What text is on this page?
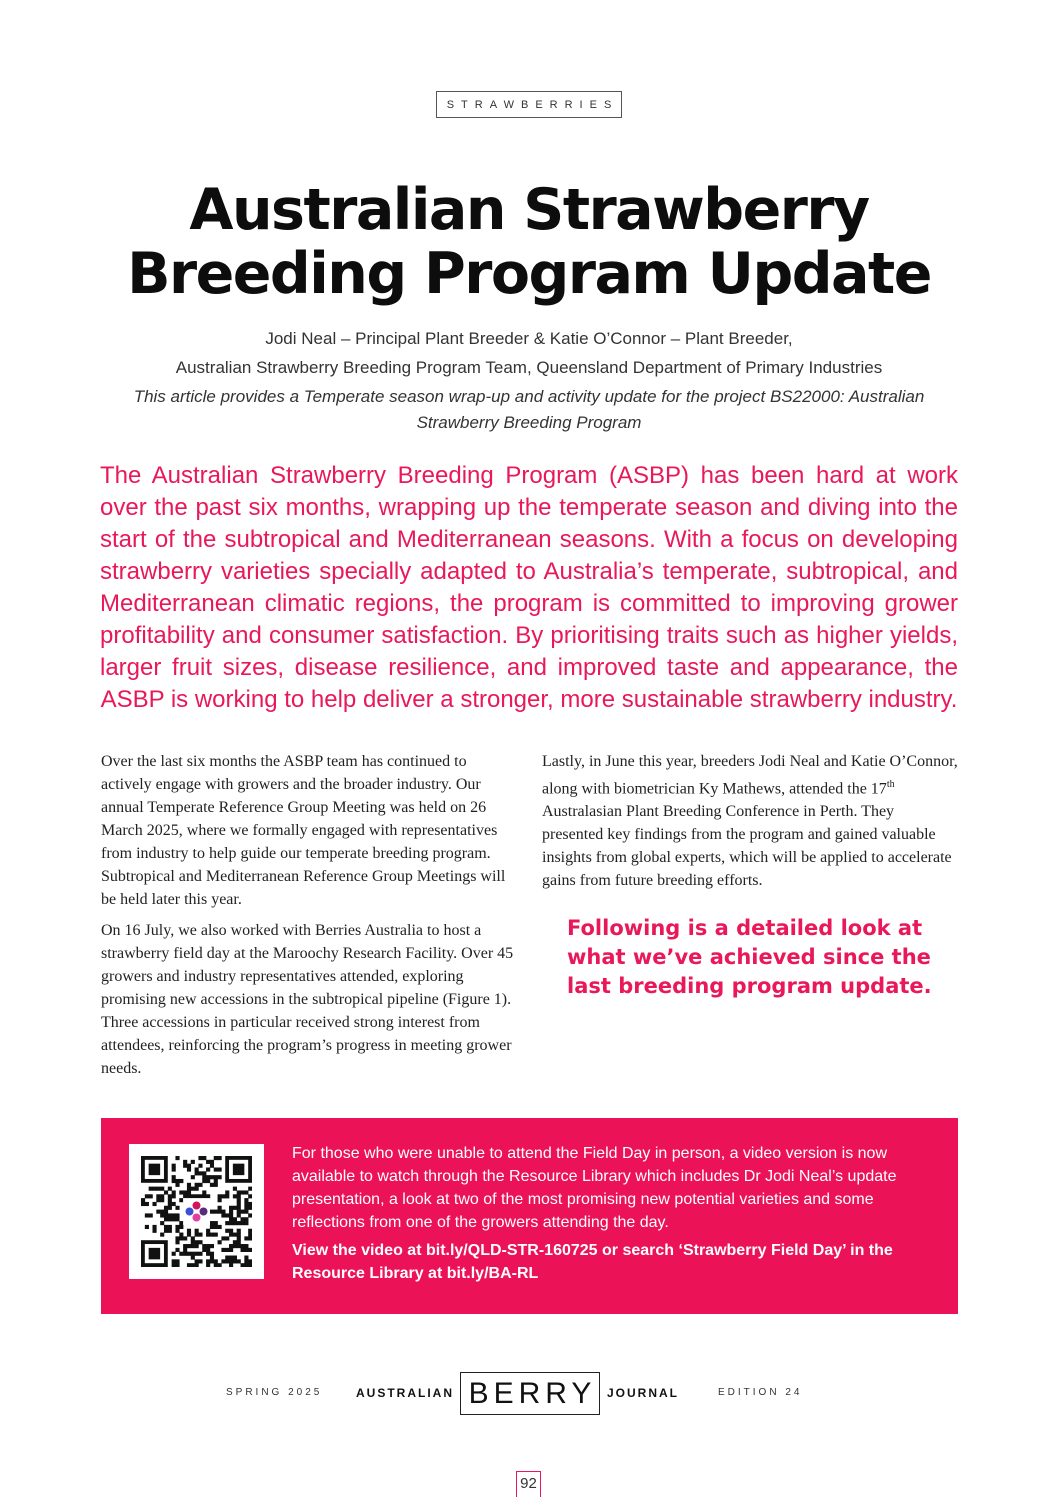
STRAWBERRIES
Australian Strawberry Breeding Program Update
Jodi Neal – Principal Plant Breeder & Katie O’Connor – Plant Breeder,
Australian Strawberry Breeding Program Team, Queensland Department of Primary Industries
This article provides a Temperate season wrap-up and activity update for the project BS22000: Australian Strawberry Breeding Program

The Australian Strawberry Breeding Program (ASBP) has been hard at work over the past six months, wrapping up the temperate season and diving into the start of the subtropical and Mediterranean seasons. With a focus on developing strawberry varieties specially adapted to Australia’s temperate, subtropical, and Mediterranean climatic regions, the program is committed to improving grower profitability and consumer satisfaction. By prioritising traits such as higher yields, larger fruit sizes, disease resilience, and improved taste and appearance, the ASBP is working to help deliver a stronger, more sustainable strawberry industry.

Over the last six months the ASBP team has continued to actively engage with growers and the broader industry. Our annual Temperate Reference Group Meeting was held on 26 March 2025, where we formally engaged with representatives from industry to help guide our temperate breeding program. Subtropical and Mediterranean Reference Group Meetings will be held later this year.

On 16 July, we also worked with Berries Australia to host a strawberry field day at the Maroochy Research Facility. Over 45 growers and industry representatives attended, exploring promising new accessions in the subtropical pipeline (Figure 1). Three accessions in particular received strong interest from attendees, reinforcing the program’s progress in meeting grower needs.

Lastly, in June this year, breeders Jodi Neal and Katie O’Connor, along with biometrician Ky Mathews, attended the 17th Australasian Plant Breeding Conference in Perth. They presented key findings from the program and gained valuable insights from global experts, which will be applied to accelerate gains from future breeding efforts.

Following is a detailed look at what we’ve achieved since the last breeding program update.

For those who were unable to attend the Field Day in person, a video version is now available to watch through the Resource Library which includes Dr Jodi Neal’s update presentation, a look at two of the most promising new potential varieties and some reflections from one of the growers attending the day.

View the video at bit.ly/QLD-STR-160725 or search ‘Strawberry Field Day’ in the Resource Library at bit.ly/BA-RL

SPRING 2025	AUSTRALIAN BERRY JOURNAL	EDITION 24
92
